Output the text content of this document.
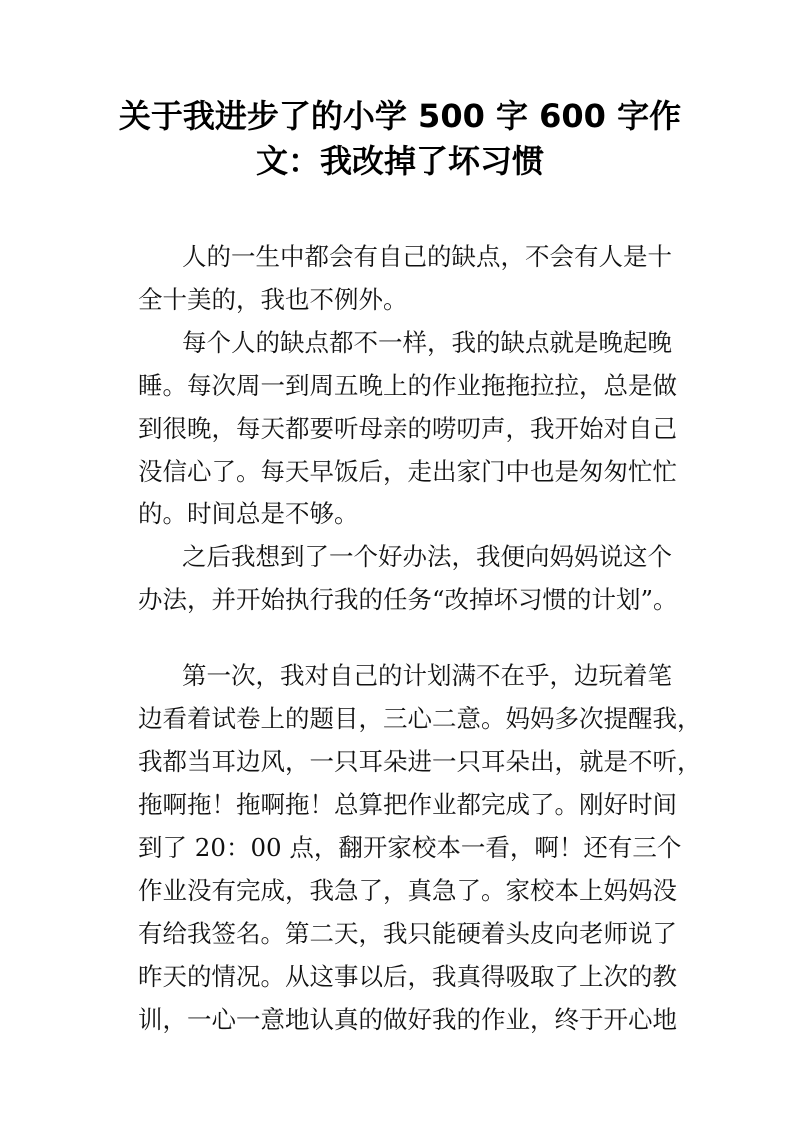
关于我进步了的小学 500 字 600 字作
文：我改掉了坏习惯
人的一生中都会有自己的缺点，不会有人是十
全十美的，我也不例外。
每个人的缺点都不一样，我的缺点就是晚起晚
睡。每次周一到周五晚上的作业拖拖拉拉，总是做
到很晚，每天都要听母亲的唠叨声，我开始对自己
没信心了。每天早饭后，走出家门中也是匆匆忙忙
的。时间总是不够。
之后我想到了一个好办法，我便向妈妈说这个
办法，并开始执行我的任务“改掉坏习惯的计划”。
第一次，我对自己的计划满不在乎，边玩着笔
边看着试卷上的题目，三心二意。妈妈多次提醒我，
我都当耳边风，一只耳朵进一只耳朵出，就是不听，
拖啊拖！拖啊拖！总算把作业都完成了。刚好时间
到了 20：00 点，翻开家校本一看，啊！还有三个
作业没有完成，我急了，真急了。家校本上妈妈没
有给我签名。第二天，我只能硬着头皮向老师说了
昨天的情况。从这事以后，我真得吸取了上次的教
训，一心一意地认真的做好我的作业，终于开心地
